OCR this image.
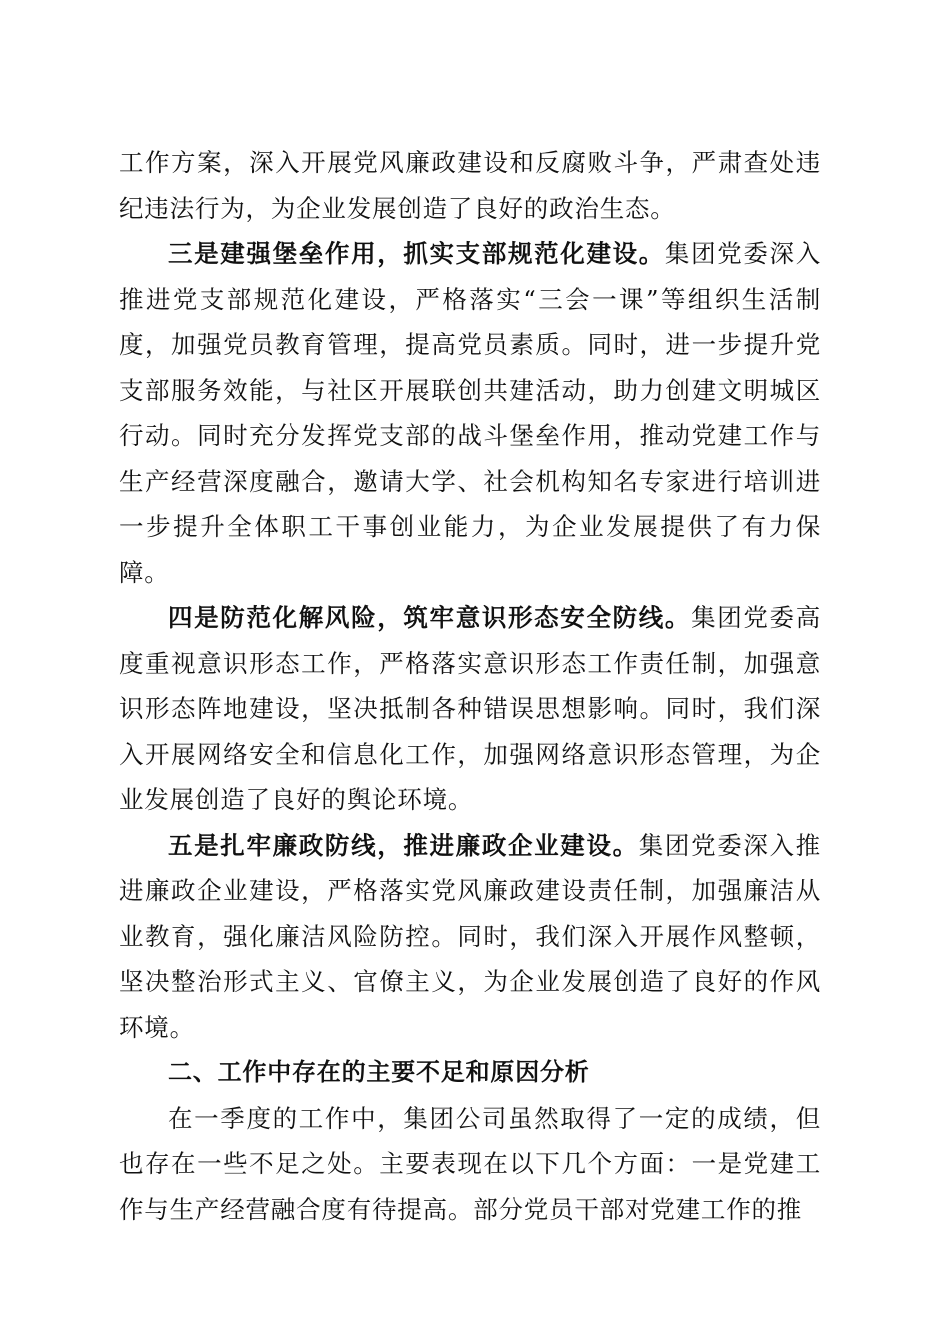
工作方案，深入开展党风廉政建设和反腐败斗争，严肃查处违纪违法行为，为企业发展创造了良好的政治生态。

三是建强堡垒作用，抓实支部规范化建设。集团党委深入推进党支部规范化建设，严格落实“三会一课”等组织生活制度，加强党员教育管理，提高党员素质。同时，进一步提升党支部服务效能，与社区开展联创共建活动，助力创建文明城区行动。同时充分发挥党支部的战斗堡垒作用，推动党建工作与生产经营深度融合，邀请大学、社会机构知名专家进行培训进一步提升全体职工干事创业能力，为企业发展提供了有力保障。

四是防范化解风险，筑牢意识形态安全防线。集团党委高度重视意识形态工作，严格落实意识形态工作责任制，加强意识形态阵地建设，坚决抵制各种错误思想影响。同时，我们深入开展网络安全和信息化工作，加强网络意识形态管理，为企业发展创造了良好的舆论环境。

五是扎牢廉政防线，推进廉政企业建设。集团党委深入推进廉政企业建设，严格落实党风廉政建设责任制，加强廉洁从业教育，强化廉洁风险防控。同时，我们深入开展作风整顿，坚决整治形式主义、官僚主义，为企业发展创造了良好的作风环境。

二、工作中存在的主要不足和原因分析

在一季度的工作中，集团公司虽然取得了一定的成绩，但也存在一些不足之处。主要表现在以下几个方面：一是党建工作与生产经营融合度有待提高。部分党员干部对党建工作的推
